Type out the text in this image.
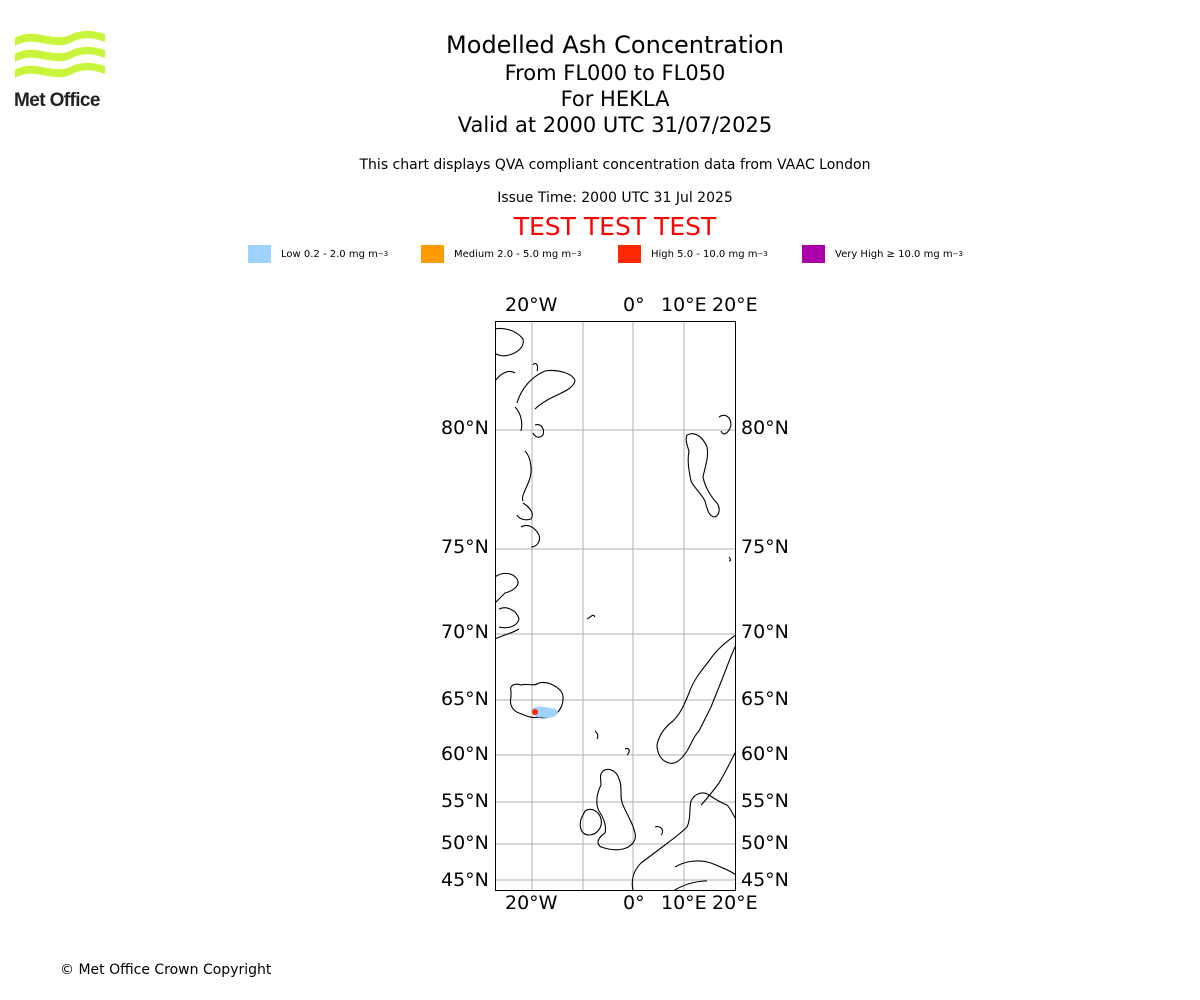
Met Office
Modelled Ash Concentration
From FL000 to FL050
For HEKLA
Valid at 2000 UTC 31/07/2025
This chart displays QVA compliant concentration data from VAAC London
Issue Time: 2000 UTC 31 Jul 2025
TEST TEST TEST
Low 0.2 - 2.0 mg m −3	Medium 2.0 - 5.0 mg m −3	High 5.0 - 10.0 mg m −3	Very High ≥ 10.0 mg m −3
20°W	0° 10°E 20°E
20°W	0° 10°E 20°E
80°N
75°N
70°N
65°N
60°N
55°N
50°N
45°N
80°N
75°N
70°N
65°N
60°N
55°N
50°N
45°N
© Met Office Crown Copyright
